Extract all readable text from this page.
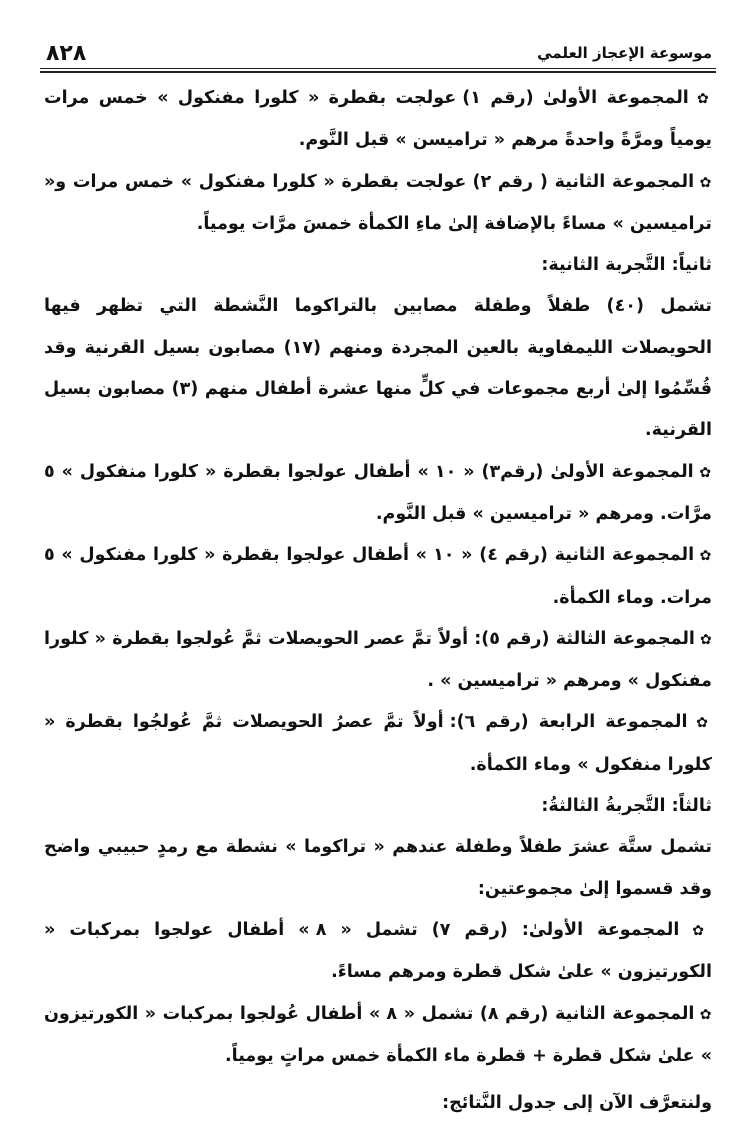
٨٢٨	موسوعة الإعجاز العلمي

✿ المجموعة الأولىٰ (رقم ١) عولجت بقطرة « كلورا مفنكول » خمس مرات يومياً ومرَّةً واحدةً مرهم « ترامیسن » قبل النَّوم.

✿ المجموعة الثانية ( رقم ٢) عولجت بقطرة « كلورا مفنكول » خمس مرات و« ترامیسین » مساءً بالإضافة إلىٰ ماءِ الكمأة خمسَ مرَّات يومياً.

ثانياً: التَّجربة الثانية:

تشمل (٤٠) طفلاً وطفلة مصابين بالتراكوما النَّشطة التي تظهر فيها الحويصلات الليمفاوية بالعين المجردة ومنهم (١٧) مصابون بسيل القرنية وقد قُسِّمُوا إلىٰ أربع مجموعات في كلٍّ منها عشرة أطفال منهم (٣) مصابون بسيل القرنية.

✿ المجموعة الأولىٰ (رقم٣) « ١٠ » أطفال عولجوا بقطرة « كلورا منفكول » ٥ مرَّات. ومرهم « ترامیسین » قبل النَّوم.

✿ المجموعة الثانية (رقم ٤) « ١٠ » أطفال عولجوا بقطرة « كلورا مفنكول » ٥ مرات. وماء الكمأة.

✿ المجموعة الثالثة (رقم ٥): أولاً تمَّ عصر الحويصلات ثمَّ عُولجوا بقطرة « كلورا مفنكول » ومرهم « ترامیسین » .

✿ المجموعة الرابعة (رقم ٦): أولاً تمَّ عصرُ الحويصلات ثمَّ عُولجُوا بقطرة « كلورا منفكول » وماء الكمأة.

ثالثاً: التَّجربةُ الثالثةُ:

تشمل ستَّة عشرَ طفلاً وطفلة عندهم « تراكوما » نشطة مع رمدٍ حبيبي واضح وقد قسموا إلىٰ مجموعتين:

✿ المجموعة الأولىٰ: (رقم ٧) تشمل « ٨ » أطفال عولجوا بمركبات « الكورتيزون » علىٰ شكل قطرة ومرهم مساءً.

✿ المجموعة الثانية (رقم ٨) تشمل « ٨ » أطفال عُولجوا بمركبات « الكورتيزون » علىٰ شكل قطرة + قطرة ماء الكمأة خمس مراتٍ يومياً.

ولنتعرَّف الآن إلى جدول النَّتائج:
